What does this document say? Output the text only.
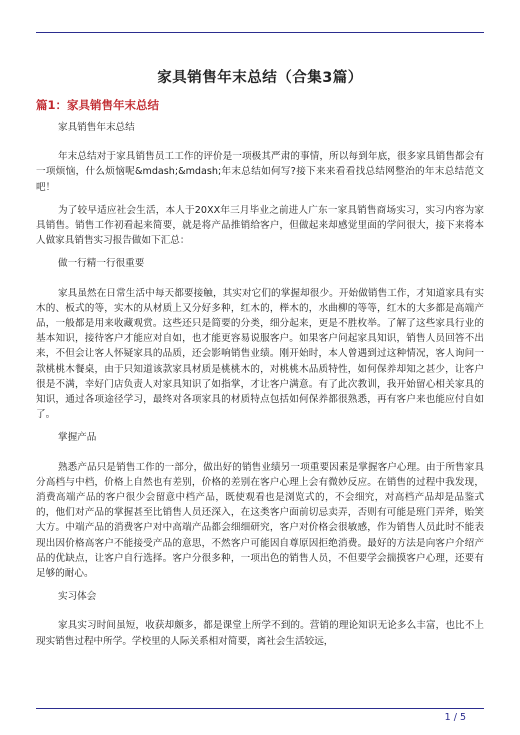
家具销售年末总结（合集3篇）
篇1：家具销售年末总结
家具销售年末总结

年末总结对于家具销售员工工作的评价是一项极其严肃的事情，所以每到年底，很多家具销售都会有一项烦恼，什么烦恼呢&mdash;&mdash;年末总结如何写?接下来来看看找总结网整治的年末总结范文吧！

为了较早适应社会生活，本人于20XX年三月毕业之前进人广东一家具销售商场实习，实习内容为家具销售。销售工作初看起来简要，就是将产品推销给客户，但做起来却感觉里面的学问很大，接下来将本人做家具销售实习报告做如下汇总：

做一行精一行很重要

家具虽然在日常生活中每天都要接触，其实对它们的掌握却很少。开始做销售工作，才知道家具有实木的、板式的等，实木的从材质上又分好多种，红木的，榉木的，水曲柳的等等，红木的大多都是高端产品，一般都是用来收藏观赏。这些还只是简要的分类，细分起来，更是不胜枚举。了解了这些家具行业的基本知识，接待客户才能应对自如，也才能更容易说服客户。如果客户问起家具知识，销售人员回答不出来，不但会让客人怀疑家具的品质，还会影响销售业绩。刚开始时，本人曾遇到过这种情况，客人询问一款桃桃木餐桌，由于只知道该款家具材质是桃桃木的，对桃桃木品质特性，如何保养却知之甚少，让客户很是不满，幸好门店负责人对家具知识了如指掌，才让客户满意。有了此次教训，我开始留心相关家具的知识，通过各项途径学习，最终对各项家具的材质特点包括如何保养都很熟悉，再有客户来也能应付自如了。

掌握产品

熟悉产品只是销售工作的一部分，做出好的销售业绩另一项重要因素是掌握客户心理。由于所售家具分高档与中档，价格上自然也有差别，价格的差别在客户心理上会有微妙反应。在销售的过程中我发现，消费高端产品的客户很少会留意中档产品，既使观看也是浏览式的，不会细究，对高档产品却是品鉴式的，他们对产品的掌握甚至比销售人员还深入，在这类客户面前切忌卖弄，否则有可能是班门弄斧，贻笑大方。中端产品的消费客户对中高端产品都会细细研究，客户对价格会很敏感，作为销售人员此时不能表现出因价格高客户不能接受产品的意思，不然客户可能因自尊原因拒绝消费。最好的方法是向客户介绍产品的优缺点，让客户自行选择。客户分很多种，一项出色的销售人员，不但要学会揣摸客户心理，还要有足够的耐心。

实习体会

家具实习时间虽短，收获却颇多，都是课堂上所学不到的。营销的理论知识无论多么丰富，也比不上现实销售过程中所学。学校里的人际关系相对简要，离社会生活较远，

1 / 5
